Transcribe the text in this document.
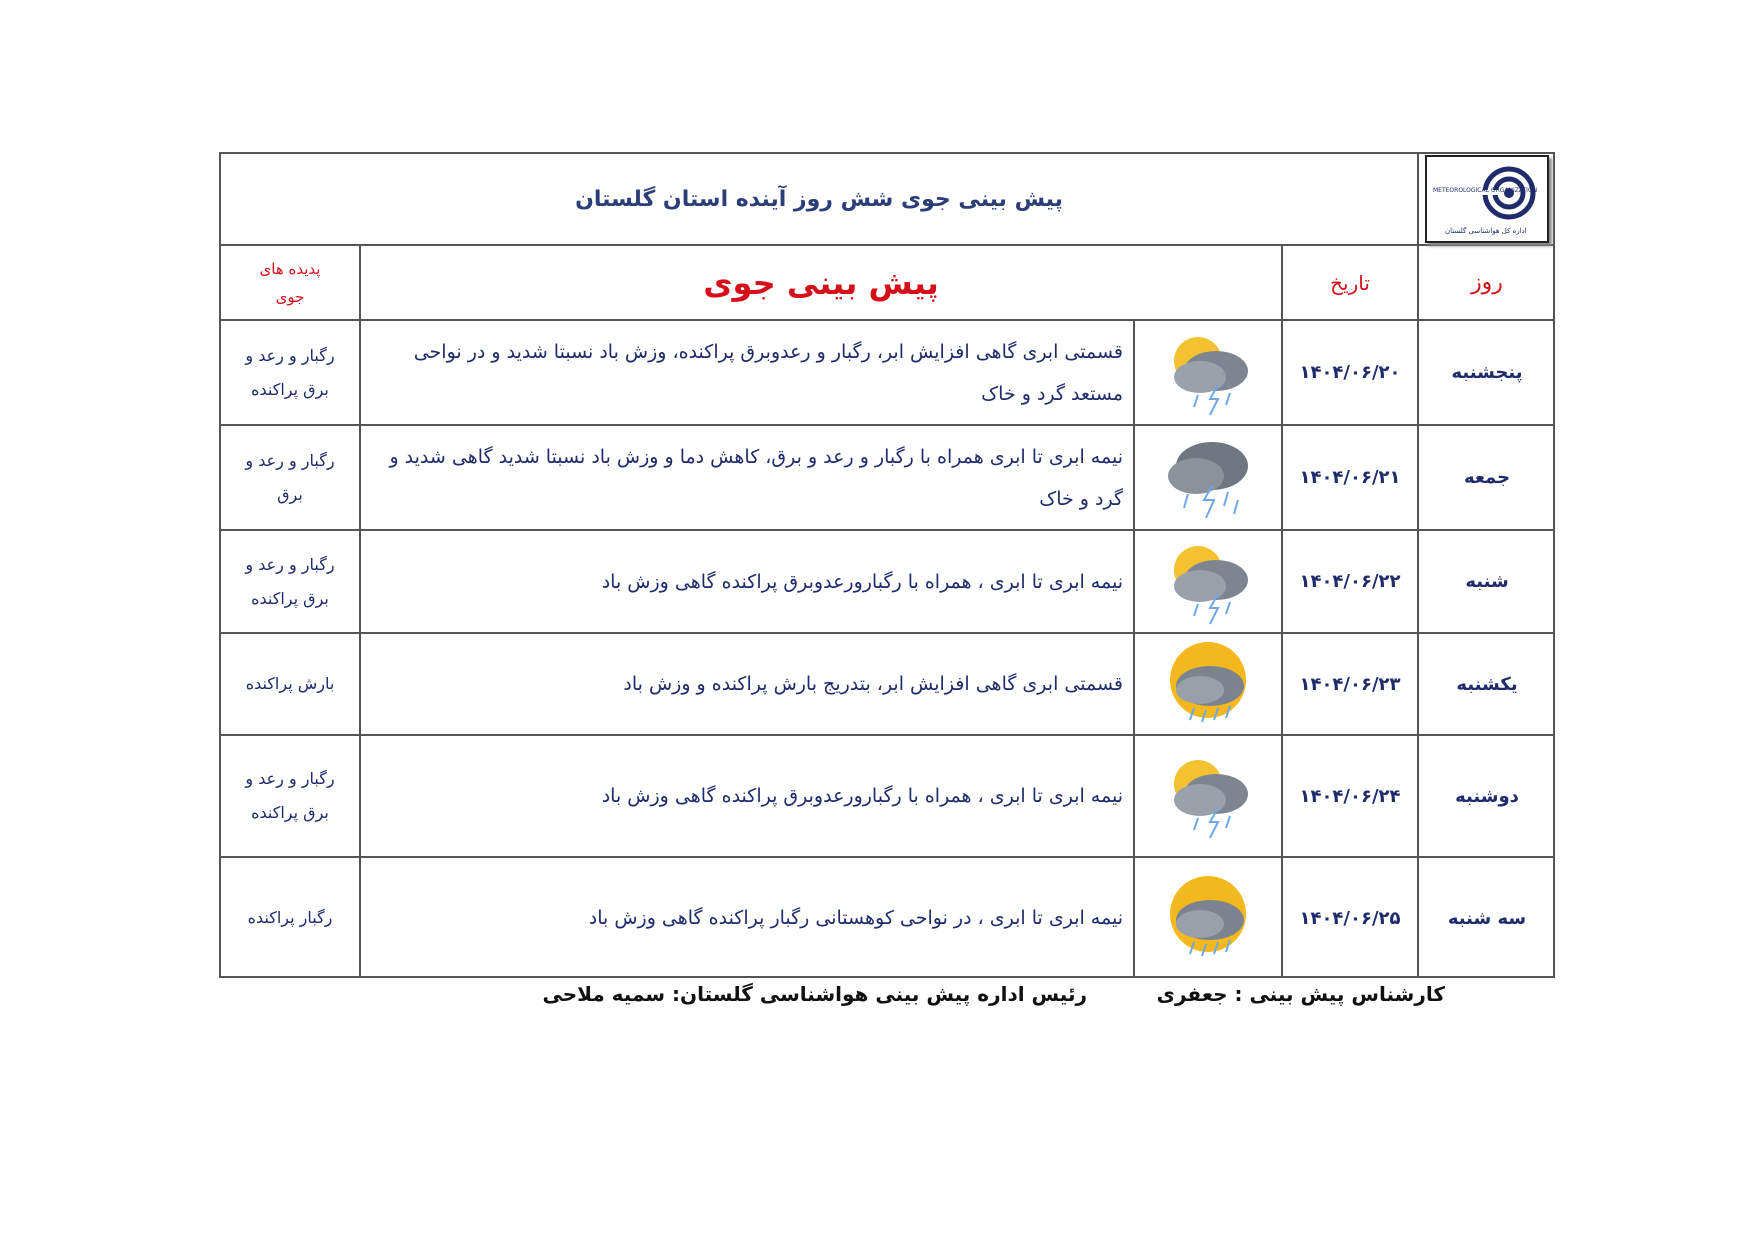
پیش بینی جوی شش روز آینده استان گلستان	METEOROLOGICAL ORGANIZATION
اداره کل هواشناسی گلستان
روز
تاریخ
پیش بینی جوی
پدیده های جوی
پنجشنبه
۱۴۰۴/۰۶/۲۰
قسمتی ابری گاهی افزایش ابر، رگبار و رعدوبرق پراکنده، وزش باد نسبتا شدید و در نواحی مستعد گرد و خاک
رگبار و رعد و برق پراکنده
جمعه
۱۴۰۴/۰۶/۲۱
نیمه ابری تا ابری همراه با رگبار و رعد و برق، کاهش دما و وزش باد نسبتا شدید گاهی شدید و گرد و خاک
رگبار و رعد و برق
شنبه
۱۴۰۴/۰۶/۲۲
نیمه ابری تا ابری ، همراه با رگبارورعدوبرق پراکنده گاهی وزش باد
رگبار و رعد و برق پراکنده
یکشنبه
۱۴۰۴/۰۶/۲۳
قسمتی ابری گاهی افزایش ابر، بتدریج بارش پراکنده و وزش باد
بارش پراکنده
دوشنبه
۱۴۰۴/۰۶/۲۴
نیمه ابری تا ابری ، همراه با رگبارورعدوبرق پراکنده گاهی وزش باد
رگبار و رعد و برق پراکنده
سه شنبه
۱۴۰۴/۰۶/۲۵
نیمه ابری تا ابری ، در نواحی کوهستانی رگبار پراکنده گاهی وزش باد
رگبار پراکنده
کارشناس پیش بینی : جعفری
رئیس اداره پیش بینی هواشناسی گلستان: سمیه ملاحی
